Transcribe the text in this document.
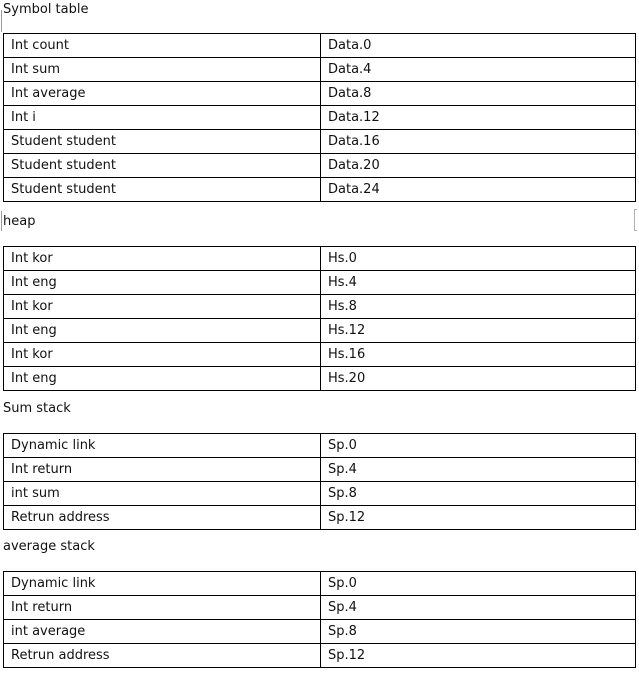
Symbol table
Int count	Data.0
Int sum	Data.4
Int average	Data.8
Int i	Data.12
Student student	Data.16
Student student	Data.20
Student student	Data.24
heap
Int kor	Hs.0
Int eng	Hs.4
Int kor	Hs.8
Int eng	Hs.12
Int kor	Hs.16
Int eng	Hs.20
Sum stack
Dynamic link	Sp.0
Int return	Sp.4
int sum	Sp.8
Retrun address	Sp.12
average stack
Dynamic link	Sp.0
Int return	Sp.4
int average	Sp.8
Retrun address	Sp.12
